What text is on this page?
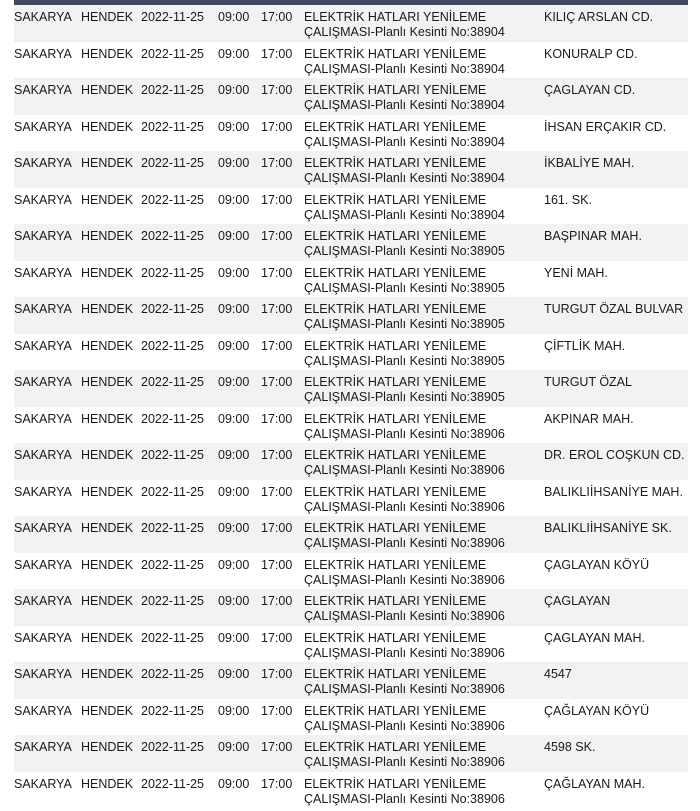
SAKARYA HENDEK 2022-11-25 09:00 17:00 ELEKTRİK HATLARI YENİLEME
ÇALIŞMASI-Planlı Kesinti No:38904
KILIÇ ARSLAN CD.
SAKARYA HENDEK 2022-11-25 09:00 17:00 ELEKTRİK HATLARI YENİLEME
ÇALIŞMASI-Planlı Kesinti No:38904
KONURALP CD.
SAKARYA HENDEK 2022-11-25 09:00 17:00 ELEKTRİK HATLARI YENİLEME
ÇALIŞMASI-Planlı Kesinti No:38904
ÇAGLAYAN CD.
SAKARYA HENDEK 2022-11-25 09:00 17:00 ELEKTRİK HATLARI YENİLEME
ÇALIŞMASI-Planlı Kesinti No:38904
İHSAN ERÇAKIR CD.
SAKARYA HENDEK 2022-11-25 09:00 17:00 ELEKTRİK HATLARI YENİLEME
ÇALIŞMASI-Planlı Kesinti No:38904
İKBALİYE MAH.
SAKARYA HENDEK 2022-11-25 09:00 17:00 ELEKTRİK HATLARI YENİLEME
ÇALIŞMASI-Planlı Kesinti No:38904
161. SK.
SAKARYA HENDEK 2022-11-25 09:00 17:00 ELEKTRİK HATLARI YENİLEME
ÇALIŞMASI-Planlı Kesinti No:38905
BAŞPINAR MAH.
SAKARYA HENDEK 2022-11-25 09:00 17:00 ELEKTRİK HATLARI YENİLEME
ÇALIŞMASI-Planlı Kesinti No:38905
YENİ MAH.
SAKARYA HENDEK 2022-11-25 09:00 17:00 ELEKTRİK HATLARI YENİLEME
ÇALIŞMASI-Planlı Kesinti No:38905
TURGUT ÖZAL BULVAR
SAKARYA HENDEK 2022-11-25 09:00 17:00 ELEKTRİK HATLARI YENİLEME
ÇALIŞMASI-Planlı Kesinti No:38905
ÇİFTLİK MAH.
SAKARYA HENDEK 2022-11-25 09:00 17:00 ELEKTRİK HATLARI YENİLEME
ÇALIŞMASI-Planlı Kesinti No:38905
TURGUT ÖZAL
SAKARYA HENDEK 2022-11-25 09:00 17:00 ELEKTRİK HATLARI YENİLEME
ÇALIŞMASI-Planlı Kesinti No:38906
AKPINAR MAH.
SAKARYA HENDEK 2022-11-25 09:00 17:00 ELEKTRİK HATLARI YENİLEME
ÇALIŞMASI-Planlı Kesinti No:38906
DR. EROL COŞKUN CD.
SAKARYA HENDEK 2022-11-25 09:00 17:00 ELEKTRİK HATLARI YENİLEME
ÇALIŞMASI-Planlı Kesinti No:38906
BALIKLIİHSANİYE MAH.
SAKARYA HENDEK 2022-11-25 09:00 17:00 ELEKTRİK HATLARI YENİLEME
ÇALIŞMASI-Planlı Kesinti No:38906
BALIKLIİHSANİYE SK.
SAKARYA HENDEK 2022-11-25 09:00 17:00 ELEKTRİK HATLARI YENİLEME
ÇALIŞMASI-Planlı Kesinti No:38906
ÇAGLAYAN KÖYÜ
SAKARYA HENDEK 2022-11-25 09:00 17:00 ELEKTRİK HATLARI YENİLEME
ÇALIŞMASI-Planlı Kesinti No:38906
ÇAGLAYAN
SAKARYA HENDEK 2022-11-25 09:00 17:00 ELEKTRİK HATLARI YENİLEME
ÇALIŞMASI-Planlı Kesinti No:38906
ÇAGLAYAN MAH.
SAKARYA HENDEK 2022-11-25 09:00 17:00 ELEKTRİK HATLARI YENİLEME
ÇALIŞMASI-Planlı Kesinti No:38906
4547
SAKARYA HENDEK 2022-11-25 09:00 17:00 ELEKTRİK HATLARI YENİLEME
ÇALIŞMASI-Planlı Kesinti No:38906
ÇAĞLAYAN KÖYÜ
SAKARYA HENDEK 2022-11-25 09:00 17:00 ELEKTRİK HATLARI YENİLEME
ÇALIŞMASI-Planlı Kesinti No:38906
4598 SK.
SAKARYA HENDEK 2022-11-25 09:00 17:00 ELEKTRİK HATLARI YENİLEME
ÇALIŞMASI-Planlı Kesinti No:38906
ÇAĞLAYAN MAH.
